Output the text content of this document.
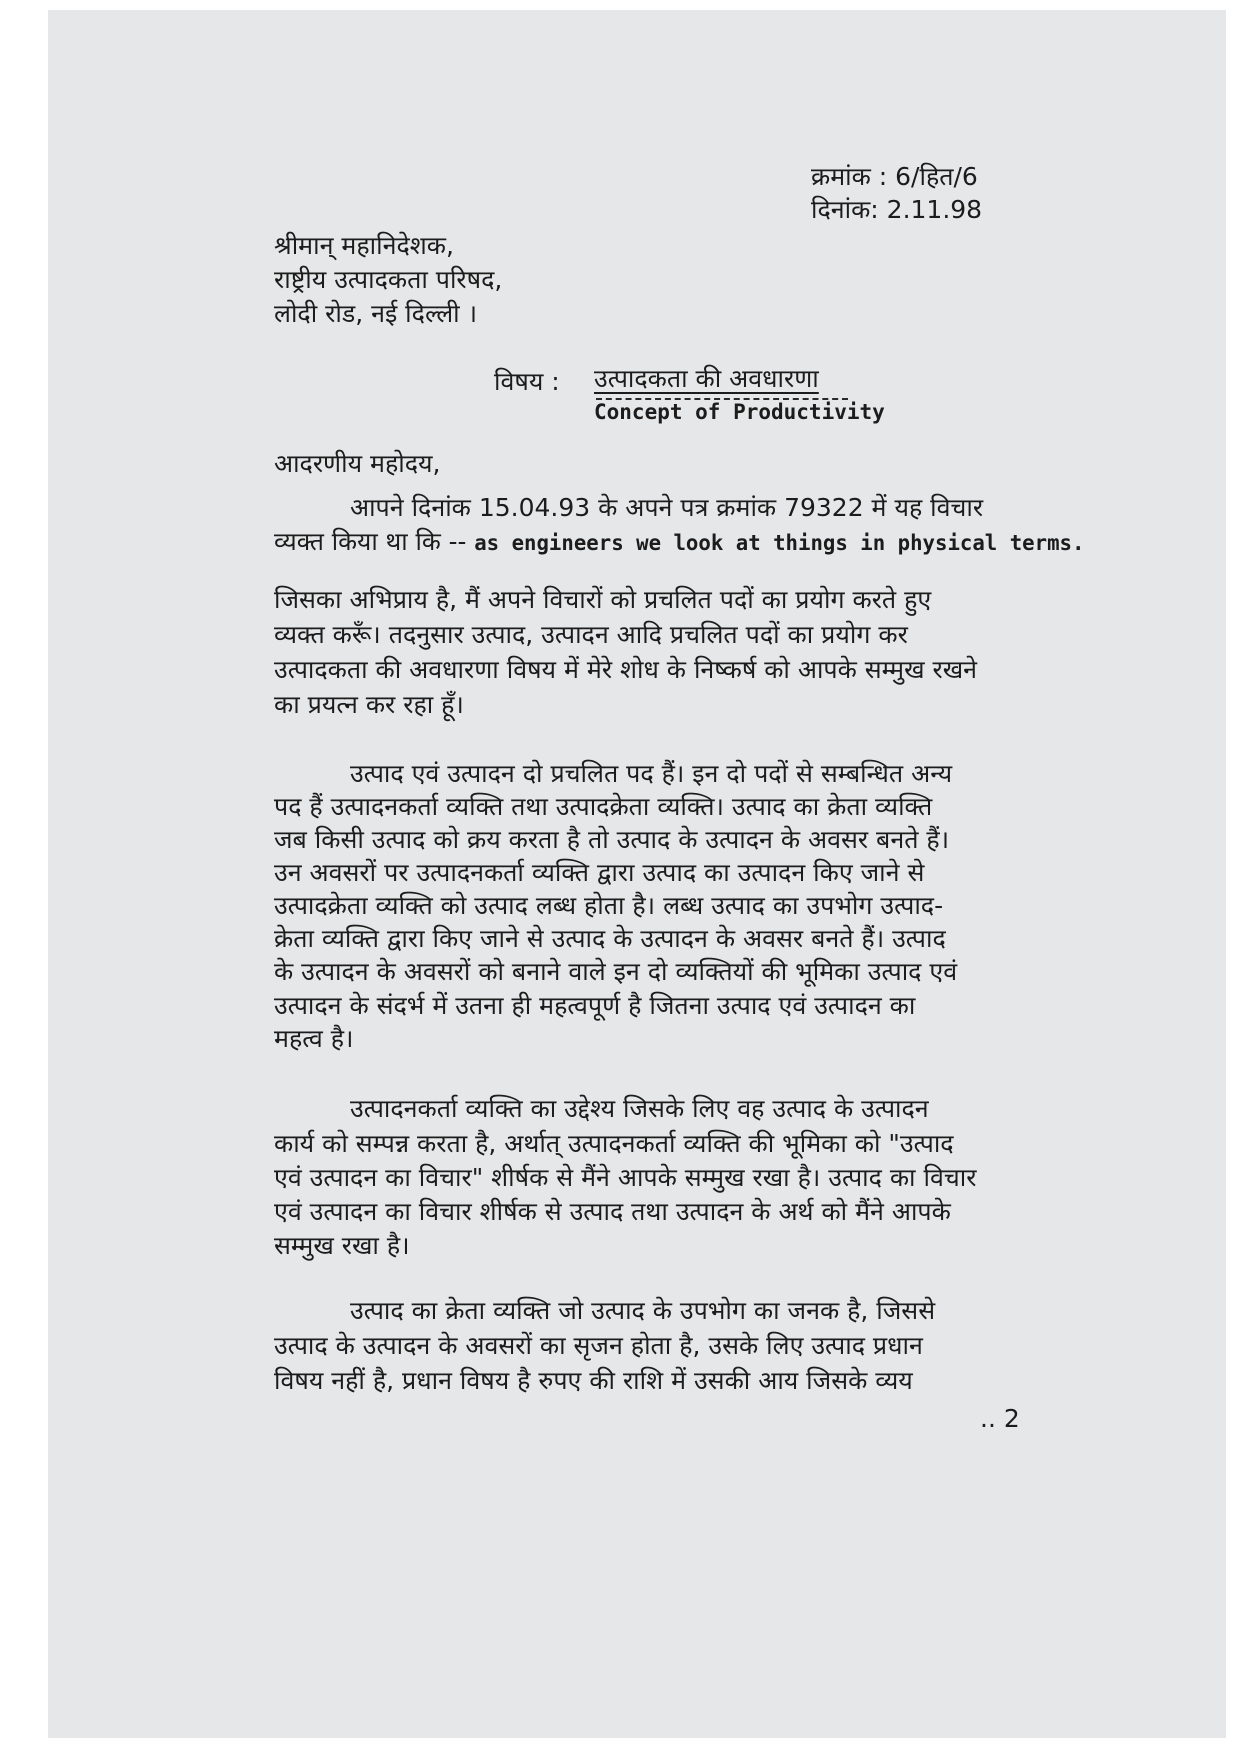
क्रमांक : 6/हित/6
दिनांक: 2.11.98
श्रीमान् महानिदेशक,
राष्ट्रीय उत्पादकता परिषद,
लोदी रोड, नई दिल्ली ।
विषय : उत्पादकता की अवधारणा
Concept of Productivity
आदरणीय महोदय,
आपने दिनांक 15.04.93 के अपने पत्र क्रमांक 79322 में यह विचार
व्यक्त किया था कि -- as engineers we look at things in physical terms.
जिसका अभिप्राय है, मैं अपने विचारों को प्रचलित पदों का प्रयोग करते हुए
व्यक्त करूँ। तदनुसार उत्पाद, उत्पादन आदि प्रचलित पदों का प्रयोग कर
उत्पादकता की अवधारणा विषय में मेरे शोध के निष्कर्ष को आपके सम्मुख रखने
का प्रयत्न कर रहा हूँ।
उत्पाद एवं उत्पादन दो प्रचलित पद हैं। इन दो पदों से सम्बन्धित अन्य
पद हैं उत्पादनकर्ता व्यक्ति तथा उत्पादक्रेता व्यक्ति। उत्पाद का क्रेता व्यक्ति
जब किसी उत्पाद को क्रय करता है तो उत्पाद के उत्पादन के अवसर बनते हैं।
उन अवसरों पर उत्पादनकर्ता व्यक्ति द्वारा उत्पाद का उत्पादन किए जाने से
उत्पादक्रेता व्यक्ति को उत्पाद लब्ध होता है। लब्ध उत्पाद का उपभोग उत्पाद-
क्रेता व्यक्ति द्वारा किए जाने से उत्पाद के उत्पादन के अवसर बनते हैं। उत्पाद
के उत्पादन के अवसरों को बनाने वाले इन दो व्यक्तियों की भूमिका उत्पाद एवं
उत्पादन के संदर्भ में उतना ही महत्वपूर्ण है जितना उत्पाद एवं उत्पादन का
महत्व है।
उत्पादनकर्ता व्यक्ति का उद्देश्य जिसके लिए वह उत्पाद के उत्पादन
कार्य को सम्पन्न करता है, अर्थात् उत्पादनकर्ता व्यक्ति की भूमिका को "उत्पाद
एवं उत्पादन का विचार" शीर्षक से मैंने आपके सम्मुख रखा है। उत्पाद का विचार
एवं उत्पादन का विचार शीर्षक से उत्पाद तथा उत्पादन के अर्थ को मैंने आपके
सम्मुख रखा है।
उत्पाद का क्रेता व्यक्ति जो उत्पाद के उपभोग का जनक है, जिससे
उत्पाद के उत्पादन के अवसरों का सृजन होता है, उसके लिए उत्पाद प्रधान
विषय नहीं है, प्रधान विषय है रुपए की राशि में उसकी आय जिसके व्यय
.. 2
